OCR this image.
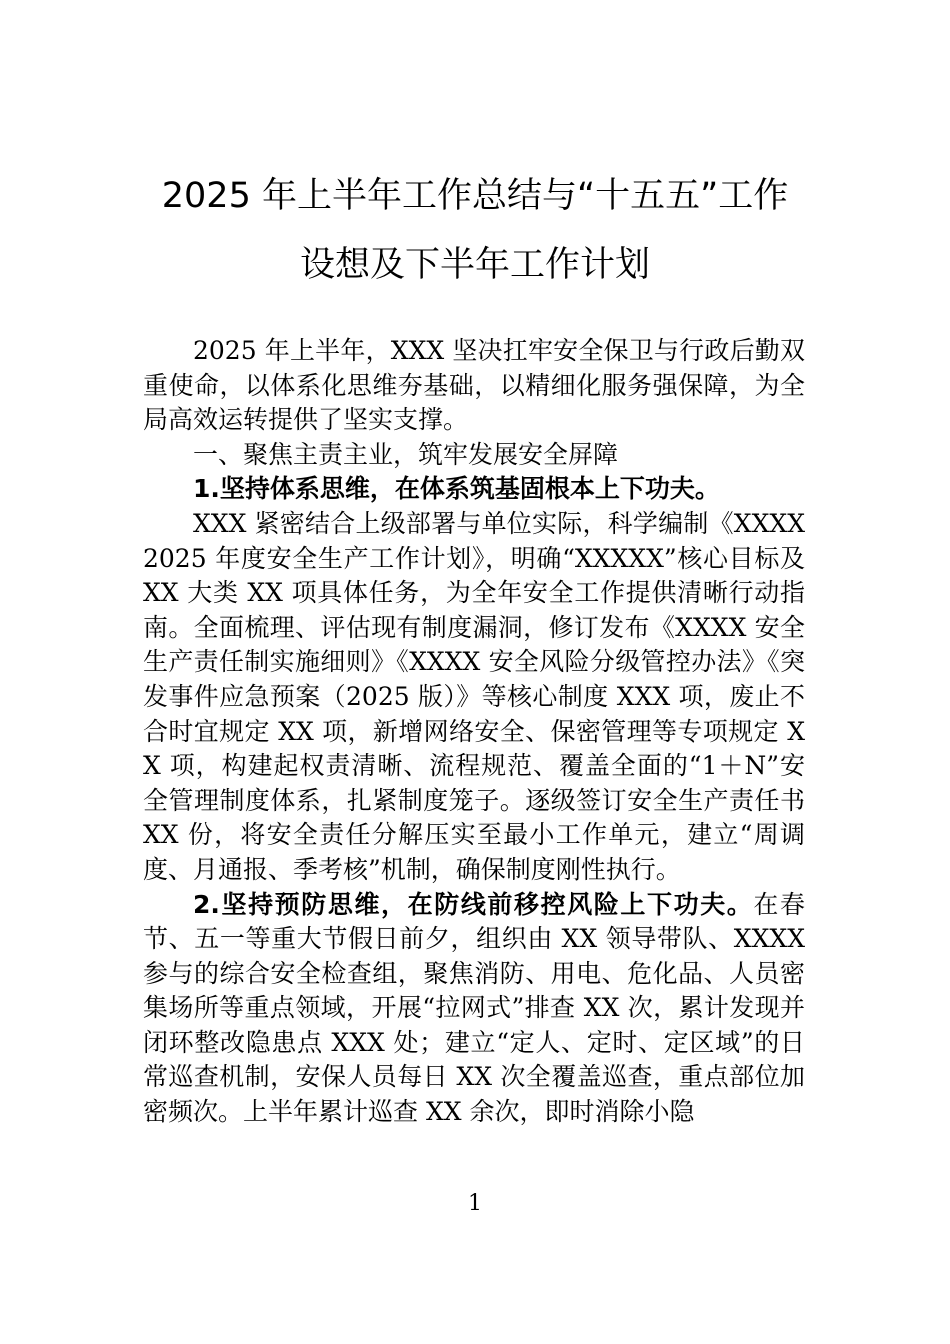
2025 年上半年工作总结与“十五五”工作
设想及下半年工作计划

2025 年上半年，XXX 坚决扛牢安全保卫与行政后勤双重使命，以体系化思维夯基础，以精细化服务强保障，为全局高效运转提供了坚实支撑。

一、聚焦主责主业，筑牢发展安全屏障

1.坚持体系思维，在体系筑基固根本上下功夫。

XXX 紧密结合上级部署与单位实际，科学编制《XXXX2025 年度安全生产工作计划》，明确“XXXXX”核心目标及 XX 大类 XX 项具体任务，为全年安全工作提供清晰行动指南。全面梳理、评估现有制度漏洞，修订发布《XXXX 安全生产责任制实施细则》《XXXX 安全风险分级管控办法》《突发事件应急预案（2025 版）》等核心制度 XXX 项，废止不合时宜规定 XX 项，新增网络安全、保密管理等专项规定 XX 项，构建起权责清晰、流程规范、覆盖全面的“1＋N”安全管理制度体系，扎紧制度笼子。逐级签订安全生产责任书 XX 份，将安全责任分解压实至最小工作单元，建立“周调度、月通报、季考核”机制，确保制度刚性执行。

2.坚持预防思维，在防线前移控风险上下功夫。在春节、五一等重大节假日前夕，组织由 XX 领导带队、XXXX 参与的综合安全检查组，聚焦消防、用电、危化品、人员密集场所等重点领域，开展“拉网式”排查 XX 次，累计发现并闭环整改隐患点 XXX 处；建立“定人、定时、定区域”的日常巡查机制，安保人员每日 XX 次全覆盖巡查，重点部位加密频次。上半年累计巡查 XX 余次，即时消除小隐

1
